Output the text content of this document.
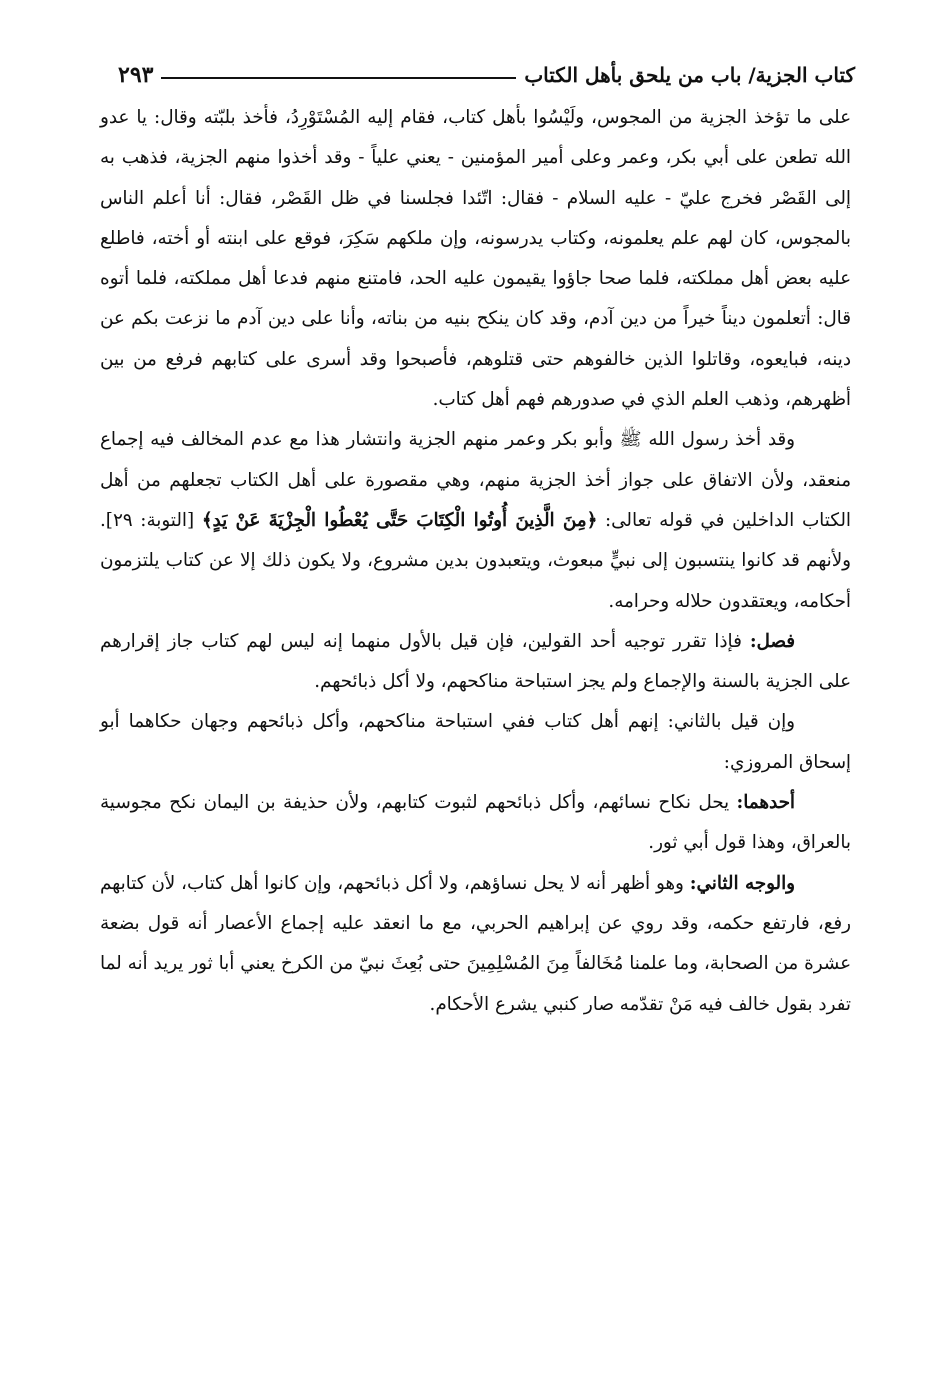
كتاب الجزية/ باب من يلحق بأهل الكتاب
٢٩٣

على ما تؤخذ الجزية من المجوس، ولَيْسُوا بأهل كتاب، فقام إليه المُسْتَوْرِدُ، فأخذ بلبّته وقال: يا عدو الله تطعن على أبي بكر، وعمر وعلى أمير المؤمنين - يعني علياً - وقد أخذوا منهم الجزية، فذهب به إلى القَصْر فخرج عليّ - عليه السلام - فقال: اتّئدا فجلسنا في ظل القَصْر، فقال: أنا أعلم الناس بالمجوس، كان لهم علم يعلمونه، وكتاب يدرسونه، وإن ملكهم سَكِرَ، فوقع على ابنته أو أخته، فاطلع عليه بعض أهل مملكته، فلما صحا جاؤوا يقيمون عليه الحد، فامتنع منهم فدعا أهل مملكته، فلما أتوه قال: أتعلمون ديناً خيراً من دين آدم، وقد كان ينكح بنيه من بناته، وأنا على دين آدم ما نزعت بكم عن دينه، فبايعوه، وقاتلوا الذين خالفوهم حتى قتلوهم، فأصبحوا وقد أسرى على كتابهم فرفع من بين أظهرهم، وذهب العلم الذي في صدورهم فهم أهل كتاب.

وقد أخذ رسول الله ﷺ وأبو بكر وعمر منهم الجزية وانتشار هذا مع عدم المخالف فيه إجماع منعقد، ولأن الاتفاق على جواز أخذ الجزية منهم، وهي مقصورة على أهل الكتاب تجعلهم من أهل الكتاب الداخلين في قوله تعالى: ﴿مِنَ الَّذِينَ أُوتُوا الْكِتَابَ حَتَّى يُعْطُوا الْجِزْيَةَ عَنْ يَدٍ﴾ [التوبة: ٢٩]. ولأنهم قد كانوا ينتسبون إلى نبيٍّ مبعوث، ويتعبدون بدين مشروع، ولا يكون ذلك إلا عن كتاب يلتزمون أحكامه، ويعتقدون حلاله وحرامه.

فصل: فإذا تقرر توجيه أحد القولين، فإن قيل بالأول منهما إنه ليس لهم كتاب جاز إقرارهم على الجزية بالسنة والإجماع ولم يجز استباحة مناكحهم، ولا أكل ذبائحهم.

وإن قيل بالثاني: إنهم أهل كتاب ففي استباحة مناكحهم، وأكل ذبائحهم وجهان حكاهما أبو إسحاق المروزي:

أحدهما: يحل نكاح نسائهم، وأكل ذبائحهم لثبوت كتابهم، ولأن حذيفة بن اليمان نكح مجوسية بالعراق، وهذا قول أبي ثور.

والوجه الثاني: وهو أظهر أنه لا يحل نساؤهم، ولا أكل ذبائحهم، وإن كانوا أهل كتاب، لأن كتابهم رفع، فارتفع حكمه، وقد روي عن إبراهيم الحربي، مع ما انعقد عليه إجماع الأعصار أنه قول بضعة عشرة من الصحابة، وما علمنا مُخَالفاً مِنَ المُسْلِمِينَ حتى بُعِثَ نبيّ من الكرخ يعني أبا ثور يريد أنه لما تفرد بقول خالف فيه مَنْ تقدّمه صار كنبي يشرع الأحكام.
